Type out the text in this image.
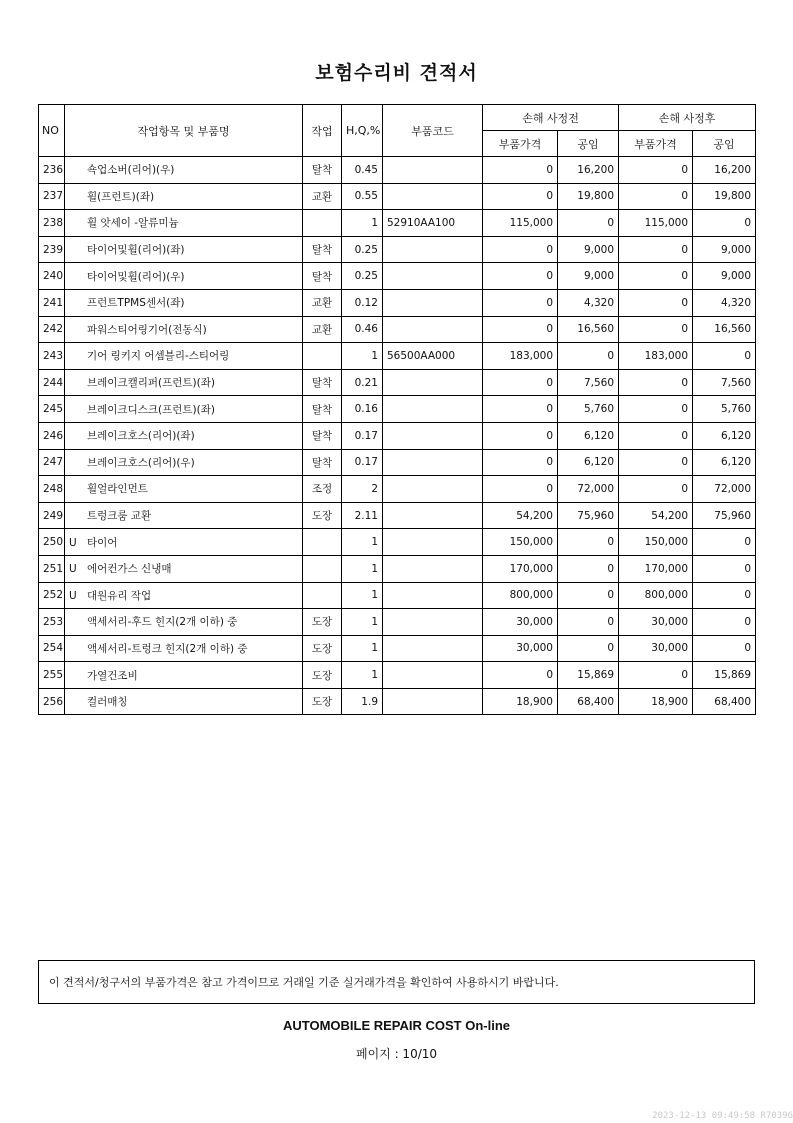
보험수리비 견적서
NO	작업항목 및 부품명	작업	H,Q,%	부품코드	손해 사정전		손해 사정후	
					부품가격	공임	부품가격	공임
236	쇽업소버(리어)(우)	탈착	0.45		0	16,200	0	16,200
237	휠(프런트)(좌)	교환	0.55		0	19,800	0	19,800
238	휠 앗세이 -알류미늄		1	52910AA100	115,000	0	115,000	0
239	타이어및휠(리어)(좌)	탈착	0.25		0	9,000	0	9,000
240	타이어및휠(리어)(우)	탈착	0.25		0	9,000	0	9,000
241	프런트TPMS센서(좌)	교환	0.12		0	4,320	0	4,320
242	파워스티어링기어(전동식)	교환	0.46		0	16,560	0	16,560
243	기어 링키지 어셈블리-스티어링		1	56500AA000	183,000	0	183,000	0
244	브레이크캘리퍼(프런트)(좌)	탈착	0.21		0	7,560	0	7,560
245	브레이크디스크(프런트)(좌)	탈착	0.16		0	5,760	0	5,760
246	브레이크호스(리어)(좌)	탈착	0.17		0	6,120	0	6,120
247	브레이크호스(리어)(우)	탈착	0.17		0	6,120	0	6,120
248	휠얼라인먼트	조정	2		0	72,000	0	72,000
249	트렁크룸 교환	도장	2.11		54,200	75,960	54,200	75,960
250	U 타이어		1		150,000	0	150,000	0
251	U 에어컨가스 신냉매		1		170,000	0	170,000	0
252	U 대원유리 작업		1		800,000	0	800,000	0
253	액세서리-후드 힌지(2개 이하) 중	도장	1		30,000	0	30,000	0
254	액세서리-트렁크 힌지(2개 이하) 중	도장	1		30,000	0	30,000	0
255	가열건조비	도장	1		0	15,869	0	15,869
256	컬러매칭	도장	1.9		18,900	68,400	18,900	68,400
이 견적서/청구서의 부품가격은 참고 가격이므로 거래일 기준 실거래가격을 확인하여 사용하시기 바랍니다.
AUTOMOBILE REPAIR COST On-line
페이지 : 10/10
2023-12-13 09:49:58 R70396
